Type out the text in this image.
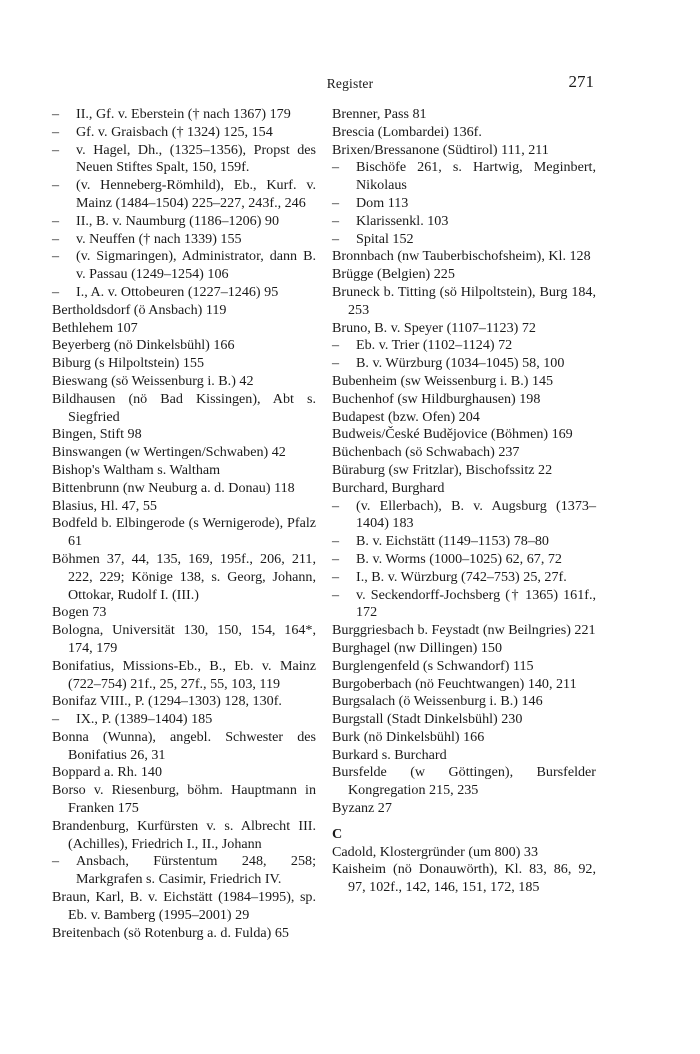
Register	271

– II., Gf. v. Eberstein († nach 1367) 179

– Gf. v. Graisbach († 1324) 125, 154

– v. Hagel, Dh., (1325–1356), Propst des Neuen Stiftes Spalt, 150, 159f.

– (v. Henneberg-Römhild), Eb., Kurf. v. Mainz (1484–1504) 225–227, 243f., 246

– II., B. v. Naumburg (1186–1206) 90

– v. Neuffen († nach 1339) 155

– (v. Sigmaringen), Administrator, dann B. v. Passau (1249–1254) 106

– I., A. v. Ottobeuren (1227–1246) 95

Bertholdsdorf (ö Ansbach) 119

Bethlehem 107

Beyerberg (nö Dinkelsbühl) 166

Biburg (s Hilpoltstein) 155

Bieswang (sö Weissenburg i. B.) 42

Bildhausen (nö Bad Kissingen), Abt s. Siegfried

Bingen, Stift 98

Binswangen (w Wertingen/Schwaben) 42

Bishop's Waltham s. Waltham

Bittenbrunn (nw Neuburg a. d. Donau) 118

Blasius, Hl. 47, 55

Bodfeld b. Elbingerode (s Wernigerode), Pfalz 61

Böhmen 37, 44, 135, 169, 195f., 206, 211, 222, 229; Könige 138, s. Georg, Johann, Ottokar, Rudolf I. (III.)

Bogen 73

Bologna, Universität 130, 150, 154, 164*, 174, 179

Bonifatius, Missions-Eb., B., Eb. v. Mainz (722–754) 21f., 25, 27f., 55, 103, 119

Bonifaz VIII., P. (1294–1303) 128, 130f.

– IX., P. (1389–1404) 185

Bonna (Wunna), angebl. Schwester des Bonifatius 26, 31

Boppard a. Rh. 140

Borso v. Riesenburg, böhm. Hauptmann in Franken 175

Brandenburg, Kurfürsten v. s. Albrecht III. (Achilles), Friedrich I., II., Johann

– Ansbach, Fürstentum 248, 258; Markgrafen s. Casimir, Friedrich IV.

Braun, Karl, B. v. Eichstätt (1984–1995), sp. Eb. v. Bamberg (1995–2001) 29

Breitenbach (sö Rotenburg a. d. Fulda) 65

Brenner, Pass 81

Brescia (Lombardei) 136f.

Brixen/Bressanone (Südtirol) 111, 211

– Bischöfe 261, s. Hartwig, Meginbert, Nikolaus

– Dom 113

– Klarissenkl. 103

– Spital 152

Bronnbach (nw Tauberbischofsheim), Kl. 128

Brügge (Belgien) 225

Bruneck b. Titting (sö Hilpoltstein), Burg 184, 253

Bruno, B. v. Speyer (1107–1123) 72

– Eb. v. Trier (1102–1124) 72

– B. v. Würzburg (1034–1045) 58, 100

Bubenheim (sw Weissenburg i. B.) 145

Buchenhof (sw Hildburghausen) 198

Budapest (bzw. Ofen) 204

Budweis/České Budějovice (Böhmen) 169

Büchenbach (sö Schwabach) 237

Büraburg (sw Fritzlar), Bischofssitz 22

Burchard, Burghard

– (v. Ellerbach), B. v. Augsburg (1373–1404) 183

– B. v. Eichstätt (1149–1153) 78–80

– B. v. Worms (1000–1025) 62, 67, 72

– I., B. v. Würzburg (742–753) 25, 27f.

– v. Seckendorff-Jochsberg († 1365) 161f., 172

Burggriesbach b. Feystadt (nw Beilngries) 221

Burghagel (nw Dillingen) 150

Burglengenfeld (s Schwandorf) 115

Burgoberbach (nö Feuchtwangen) 140, 211

Burgsalach (ö Weissenburg i. B.) 146

Burgstall (Stadt Dinkelsbühl) 230

Burk (nö Dinkelsbühl) 166

Burkard s. Burchard

Bursfelde (w Göttingen), Bursfelder Kongregation 215, 235

Byzanz 27

C

Cadold, Klostergründer (um 800) 33

Kaisheim (nö Donauwörth), Kl. 83, 86, 92, 97, 102f., 142, 146, 151, 172, 185
